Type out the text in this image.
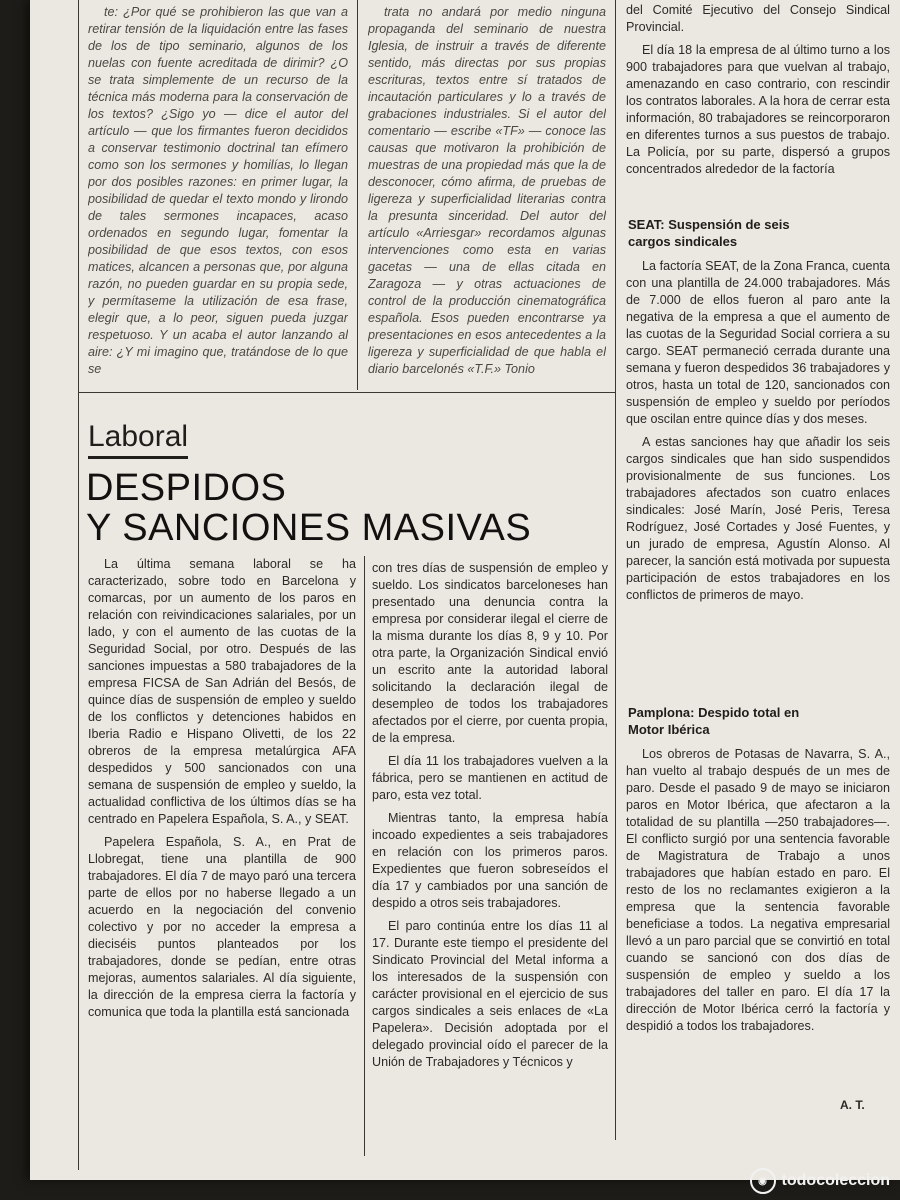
te: ¿Por qué se prohibieron las que van a retirar tensión de la liquidación entre las fases de los de tipo seminario, algunos de los nuelas con fuente acreditada de dirimir? ¿O se trata simplemente de un recurso de la técnica más moderna para la conservación de los textos? ¿Sigo yo — dice el autor del artículo — que los firmantes fueron decididos a conservar testimonio doctrinal tan efímero como son los sermones y homilías, lo llegan por dos posibles razones: en primer lugar, la posibilidad de quedar el texto mondo y lirondo de tales sermones incapaces, acaso ordenados en segundo lugar, fomentar la posibilidad de que esos textos, con esos matices, alcancen a personas que, por alguna razón, no pueden guardar en su propia sede, y permítaseme la utilización de esa frase, elegir que, a lo peor, siguen pueda juzgar respetuoso. Y un acaba el autor lanzando al aire: ¿Y mi imagino que, tratándose de lo que se

trata no andará por medio ninguna propaganda del seminario de nuestra Iglesia, de instruir a través de diferente sentido, más directas por sus propias escrituras, textos entre sí tratados de incautación particulares y lo a través de grabaciones industriales. Si el autor del comentario — escribe «TF» — conoce las causas que motivaron la prohibición de muestras de una propiedad más que la de desconocer, cómo afirma, de pruebas de ligereza y superficialidad literarias contra la presunta sinceridad. Del autor del artículo «Arriesgar» recordamos algunas intervenciones como esta en varias gacetas — una de ellas citada en Zaragoza — y otras actuaciones de control de la producción cinematográfica española. Esos pueden encontrarse ya presentaciones en esos antecedentes a la ligereza y superficialidad de que habla el diario barcelonés «T.F.» Tonio

del Comité Ejecutivo del Consejo Sindical Provincial.

El día 18 la empresa de al último turno a los 900 trabajadores para que vuelvan al trabajo, amenazando en caso contrario, con rescindir los contratos laborales. A la hora de cerrar esta información, 80 trabajadores se reincorporaron en diferentes turnos a sus puestos de trabajo. La Policía, por su parte, dispersó a grupos concentrados alrededor de la factoría

SEAT: Suspensión de seis cargos sindicales

La factoría SEAT, de la Zona Franca, cuenta con una plantilla de 24.000 trabajadores. Más de 7.000 de ellos fueron al paro ante la negativa de la empresa a que el aumento de las cuotas de la Seguridad Social corriera a su cargo. SEAT permaneció cerrada durante una semana y fueron despedidos 36 trabajadores y otros, hasta un total de 120, sancionados con suspensión de empleo y sueldo por períodos que oscilan entre quince días y dos meses.

A estas sanciones hay que añadir los seis cargos sindicales que han sido suspendidos provisionalmente de sus funciones. Los trabajadores afectados son cuatro enlaces sindicales: José Marín, José Peris, Teresa Rodríguez, José Cortades y José Fuentes, y un jurado de empresa, Agustín Alonso. Al parecer, la sanción está motivada por supuesta participación de estos trabajadores en los conflictos de primeros de mayo.

Pamplona: Despido total en Motor Ibérica

Los obreros de Potasas de Navarra, S. A., han vuelto al trabajo después de un mes de paro. Desde el pasado 9 de mayo se iniciaron paros en Motor Ibérica, que afectaron a la totalidad de su plantilla —250 trabajadores—. El conflicto surgió por una sentencia favorable de Magistratura de Trabajo a unos trabajadores que habían estado en paro. El resto de los no reclamantes exigieron a la empresa que la sentencia favorable beneficiase a todos. La negativa empresarial llevó a un paro parcial que se convirtió en total cuando se sancionó con dos días de suspensión de empleo y sueldo a los trabajadores del taller en paro. El día 17 la dirección de Motor Ibérica cerró la factoría y despidió a todos los trabajadores.

A. T.
Laboral
DESPIDOS
Y SANCIONES MASIVAS

La última semana laboral se ha caracterizado, sobre todo en Barcelona y comarcas, por un aumento de los paros en relación con reivindicaciones salariales, por un lado, y con el aumento de las cuotas de la Seguridad Social, por otro. Después de las sanciones impuestas a 580 trabajadores de la empresa FICSA de San Adrián del Besós, de quince días de suspensión de empleo y sueldo de los conflictos y detenciones habidos en Iberia Radio e Hispano Olivetti, de los 22 obreros de la empresa metalúrgica AFA despedidos y 500 sancionados con una semana de suspensión de empleo y sueldo, la actualidad conflictiva de los últimos días se ha centrado en Papelera Española, S. A., y SEAT.

Papelera Española, S. A., en Prat de Llobregat, tiene una plantilla de 900 trabajadores. El día 7 de mayo paró una tercera parte de ellos por no haberse llegado a un acuerdo en la negociación del convenio colectivo y por no acceder la empresa a dieciséis puntos planteados por los trabajadores, donde se pedían, entre otras mejoras, aumentos salariales. Al día siguiente, la dirección de la empresa cierra la factoría y comunica que toda la plantilla está sancionada

con tres días de suspensión de empleo y sueldo. Los sindicatos barceloneses han presentado una denuncia contra la empresa por considerar ilegal el cierre de la misma durante los días 8, 9 y 10. Por otra parte, la Organización Sindical envió un escrito ante la autoridad laboral solicitando la declaración ilegal de desempleo de todos los trabajadores afectados por el cierre, por cuenta propia, de la empresa.

El día 11 los trabajadores vuelven a la fábrica, pero se mantienen en actitud de paro, esta vez total.

Mientras tanto, la empresa había incoado expedientes a seis trabajadores en relación con los primeros paros. Expedientes que fueron sobreseídos el día 17 y cambiados por una sanción de despido a otros seis trabajadores.

El paro continúa entre los días 11 al 17. Durante este tiempo el presidente del Sindicato Provincial del Metal informa a los interesados de la suspensión con carácter provisional en el ejercicio de sus cargos sindicales a seis enlaces de «La Papelera». Decisión adoptada por el delegado provincial oído el parecer de la Unión de Trabajadores y Técnicos y

◉ todocoleccion
